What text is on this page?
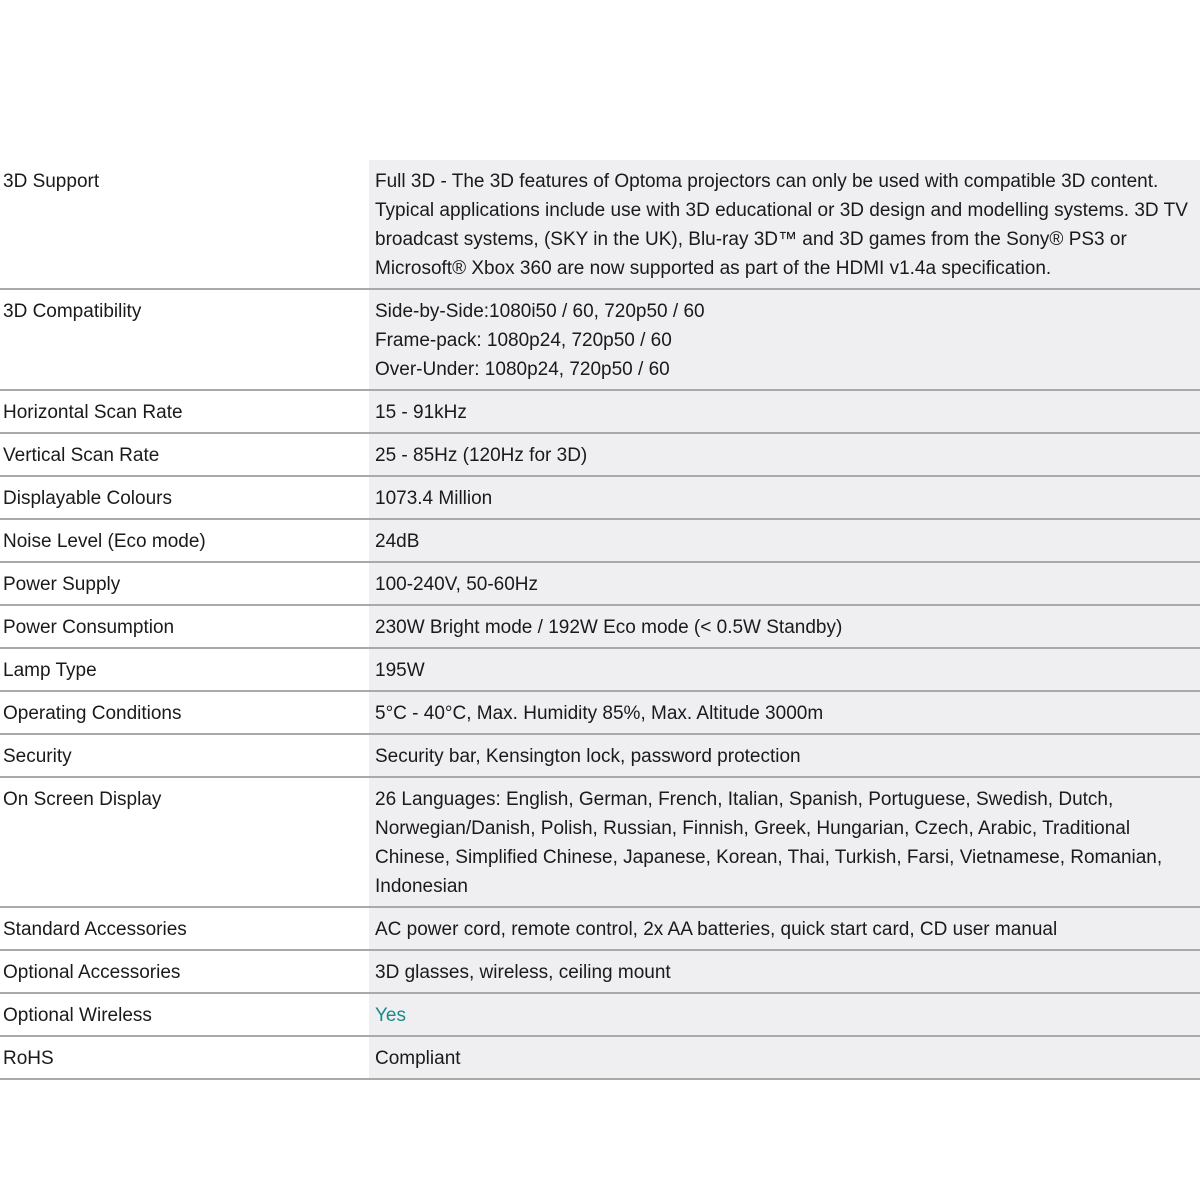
3D Support	Full 3D - The 3D features of Optoma projectors can only be used with compatible 3D content. Typical applications include use with 3D educational or 3D design and modelling systems. 3D TV broadcast systems, (SKY in the UK), Blu-ray 3D™ and 3D games from the Sony® PS3 or Microsoft® Xbox 360 are now supported as part of the HDMI v1.4a specification.
3D Compatibility	Side-by-Side:1080i50 / 60, 720p50 / 60
Frame-pack: 1080p24, 720p50 / 60
Over-Under: 1080p24, 720p50 / 60

Horizontal Scan Rate	15 - 91kHz
Vertical Scan Rate	25 - 85Hz (120Hz for 3D)
Displayable Colours	1073.4 Million
Noise Level (Eco mode)	24dB
Power Supply	100-240V, 50-60Hz
Power Consumption	230W Bright mode / 192W Eco mode (< 0.5W Standby)
Lamp Type	195W
Operating Conditions	5°C - 40°C, Max. Humidity 85%, Max. Altitude 3000m
Security	Security bar, Kensington lock, password protection
On Screen Display	26 Languages: English, German, French, Italian, Spanish, Portuguese, Swedish, Dutch, Norwegian/Danish, Polish, Russian, Finnish, Greek, Hungarian, Czech, Arabic, Traditional Chinese, Simplified Chinese, Japanese, Korean, Thai, Turkish, Farsi, Vietnamese, Romanian, Indonesian
Standard Accessories	AC power cord, remote control, 2x AA batteries, quick start card, CD user manual
Optional Accessories	3D glasses, wireless, ceiling mount
Optional Wireless	Yes
RoHS	Compliant
